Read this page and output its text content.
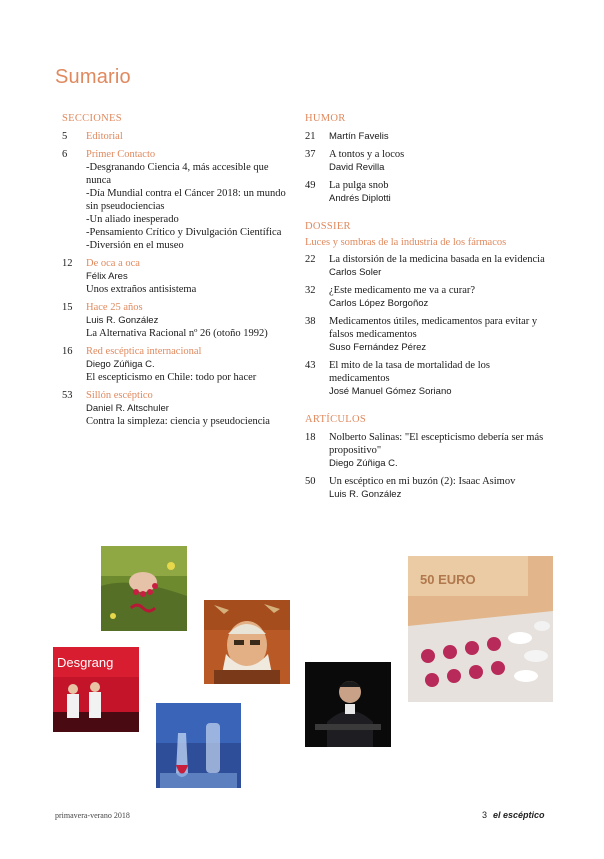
Sumario
SECCIONES
5	Editorial
6	Primer Contacto
-Desgranando Ciencia 4, más accesible que nunca
-Día Mundial contra el Cáncer 2018: un mundo sin pseudociencias
-Un aliado inesperado
-Pensamiento Crítico y Divulgación Científica
-Diversión en el museo
12	De oca a oca
Félix Ares
Unos extraños antisistema
15	Hace 25 años
Luis R. González
La Alternativa Racional nº 26 (otoño 1992)
16	Red escéptica internacional
Diego Zúñiga C.
El escepticismo en Chile: todo por hacer
53	Sillón escéptico
Daniel R. Altschuler
Contra la simpleza: ciencia y pseudociencia
HUMOR
21	Martín Favelis
37	A tontos y a locos
David Revilla
49	La pulga snob
Andrés Diplotti
DOSSIER
Luces y sombras de la industria de los fármacos
22	La distorsión de la medicina basada en la evidencia
Carlos Soler
32	¿Este medicamento me va a curar?
Carlos López Borgoñoz
38	Medicamentos útiles, medicamentos para evitar y falsos medicamentos
Suso Fernández Pérez
43	El mito de la tasa de mortalidad de los medicamentos
José Manuel Gómez Soriano
ARTÍCULOS
18	Nolberto Salinas: "El escepticismo debería ser más propositivo"
Diego Zúñiga C.
50	Un escéptico en mi buzón (2): Isaac Asimov
Luis R. González
Desgrang
50 EURO
primavera-verano 2018	3 el escéptico
